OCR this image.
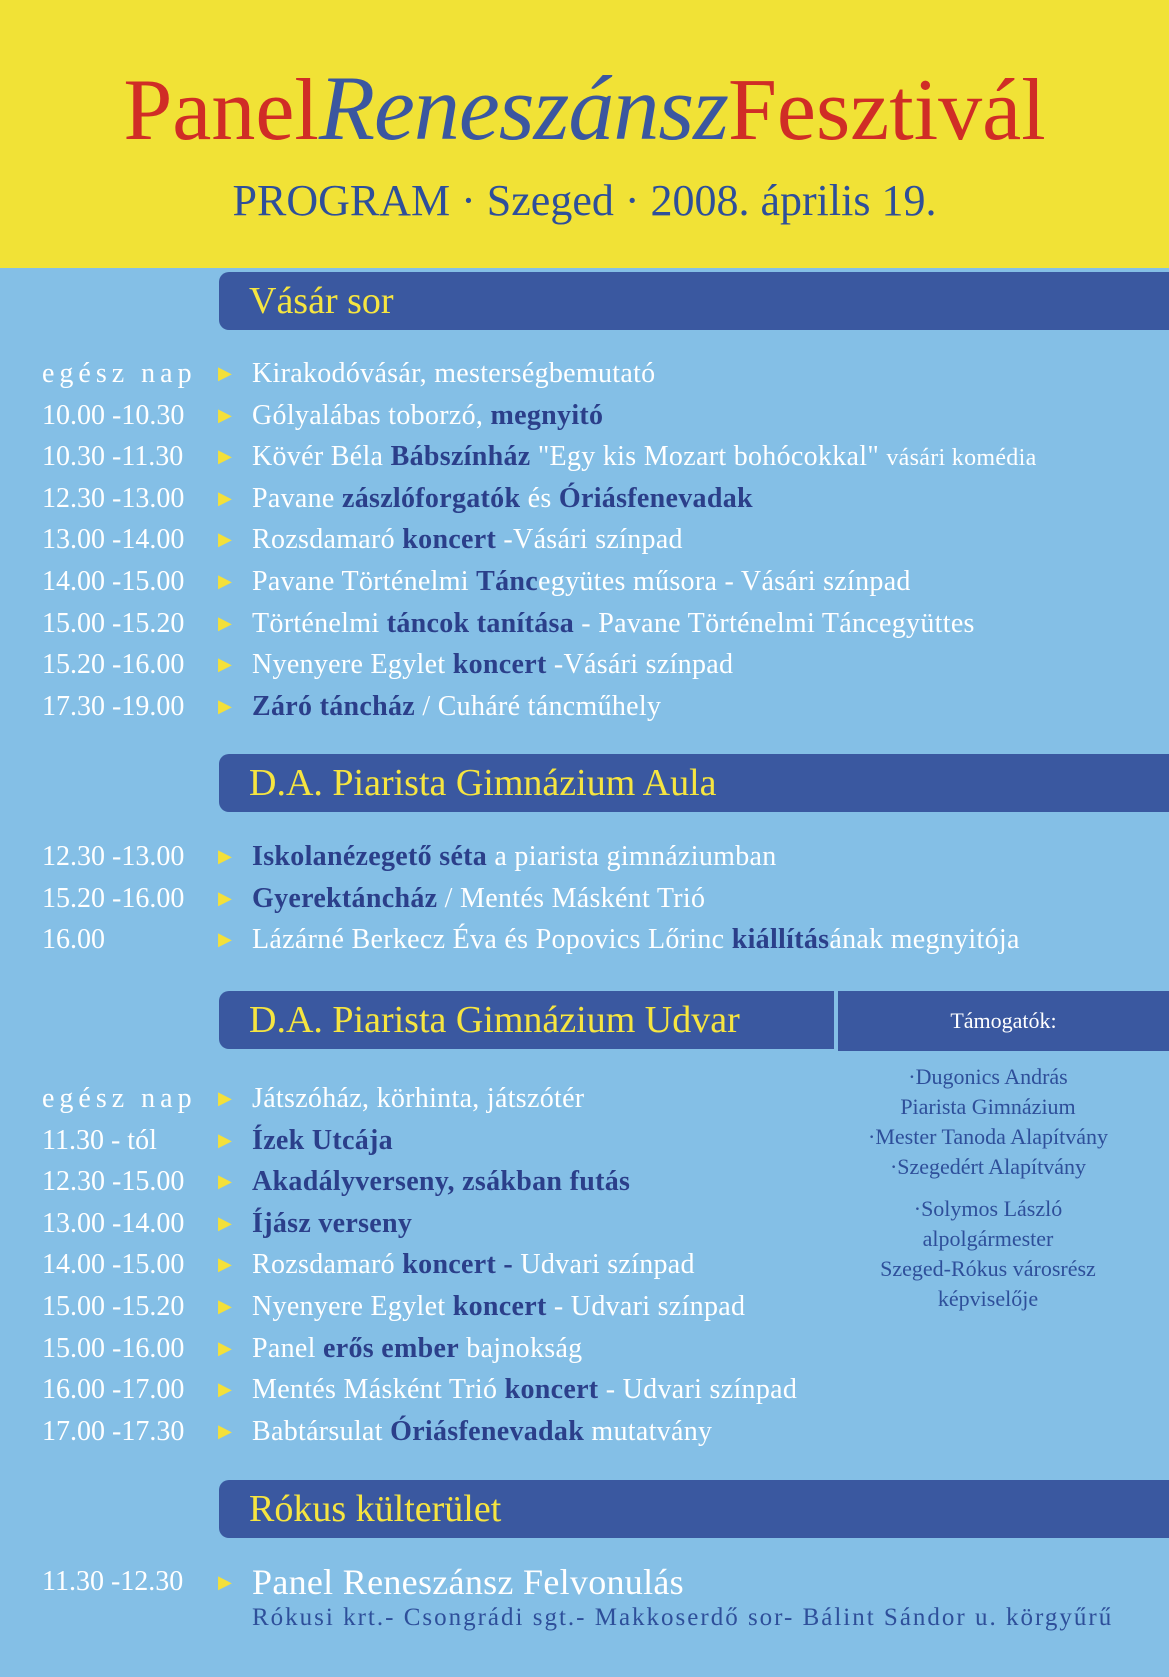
PanelReneszánszFesztivál
PROGRAM · Szeged · 2008. április 19.
Vásár sor
egész nap ▶ Kirakodóvásár, mesterségbemutató
10.00 -10.30 ▶ Gólyalábas toborzó, megnyitó
10.30 -11.30 ▶ Kövér Béla Bábszínház "Egy kis Mozart bohócokkal" vásári komédia
12.30 -13.00 ▶ Pavane zászlóforgatók és Óriásfenevadak
13.00 -14.00 ▶ Rozsdamaró koncert -Vásári színpad
14.00 -15.00 ▶ Pavane Történelmi Táncegyütes műsora - Vásári színpad
15.00 -15.20 ▶ Történelmi táncok tanítása - Pavane Történelmi Táncegyüttes
15.20 -16.00 ▶ Nyenyere Egylet koncert -Vásári színpad
17.30 -19.00 ▶ Záró táncház / Cuháré táncműhely
D.A. Piarista Gimnázium Aula
12.30 -13.00 ▶ Iskolanézegető séta a piarista gimnáziumban
15.20 -16.00 ▶ Gyerektáncház / Mentés Másként Trió
16.00	▶ Lázárné Berkecz Éva és Popovics Lőrinc kiállításának megnyitója
D.A. Piarista Gimnázium Udvar
egész nap ▶ Játszóház, körhinta, játszótér
11.30 - tól	▶ Ízek Utcája
12.30 -15.00 ▶ Akadályverseny, zsákban futás
13.00 -14.00 ▶ Íjász verseny
14.00 -15.00 ▶ Rozsdamaró koncert - Udvari színpad
15.00 -15.20 ▶ Nyenyere Egylet koncert - Udvari színpad
15.00 -16.00 ▶ Panel erős ember bajnokság
16.00 -17.00 ▶ Mentés Másként Trió koncert - Udvari színpad
17.00 -17.30 ▶ Babtársulat Óriásfenevadak mutatvány
Rókus külterület
11.30 -12.30 ▶ Panel Reneszánsz Felvonulás
Rókusi krt.- Csongrádi sgt.- Makkoserdő sor- Bálint Sándor u. körgyűrű
Támogatók:
·Dugonics András
Piarista Gimnázium
·Mester Tanoda Alapítvány
·Szegedért Alapítvány
·Solymos László
alpolgármester
Szeged-Rókus városrész
képviselője
